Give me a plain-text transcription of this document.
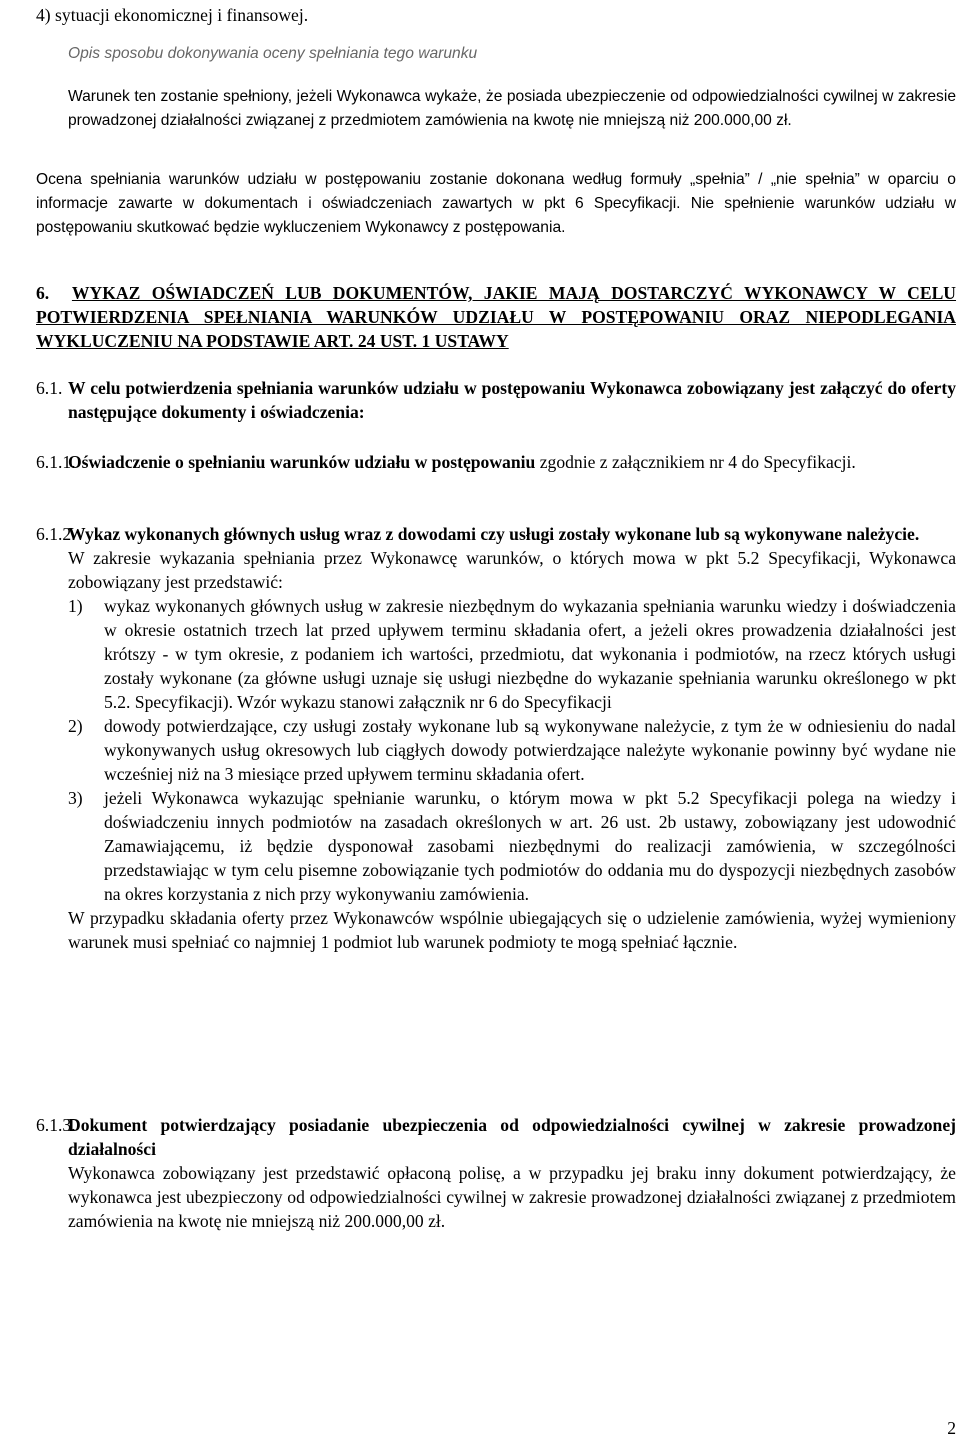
4) sytuacji ekonomicznej i finansowej.

Opis sposobu dokonywania oceny spełniania tego warunku

Warunek ten zostanie spełniony, jeżeli Wykonawca wykaże, że posiada ubezpieczenie od odpowiedzialności cywilnej w zakresie prowadzonej działalności związanej z przedmiotem zamówienia na kwotę nie mniejszą niż 200.000,00 zł.

Ocena spełniania warunków udziału w postępowaniu zostanie dokonana według formuły „spełnia” / „nie spełnia” w oparciu o informacje zawarte w dokumentach i oświadczeniach zawartych w pkt 6 Specyfikacji. Nie spełnienie warunków udziału w postępowaniu skutkować będzie wykluczeniem Wykonawcy z postępowania.

6. WYKAZ OŚWIADCZEŃ LUB DOKUMENTÓW, JAKIE MAJĄ DOSTARCZYĆ WYKONAWCY W CELU POTWIERDZENIA SPEŁNIANIA WARUNKÓW UDZIAŁU W POSTĘPOWANIU ORAZ NIEPODLEGANIA WYKLUCZENIU NA PODSTAWIE ART. 24 UST. 1 USTAWY

6.1. W celu potwierdzenia spełniania warunków udziału w postępowaniu Wykonawca zobowiązany jest załączyć do oferty następujące dokumenty i oświadczenia:

6.1.1.

Oświadczenie o spełnianiu warunków udziału w postępowaniu zgodnie z załącznikiem nr 4 do Specyfikacji.

6.1.2.

Wykaz wykonanych głównych usług wraz z dowodami czy usługi zostały wykonane lub są wykonywane należycie.

W zakresie wykazania spełniania przez Wykonawcę warunków, o których mowa w pkt 5.2 Specyfikacji, Wykonawca zobowiązany jest przedstawić:

1) wykaz wykonanych głównych usług w zakresie niezbędnym do wykazania spełniania warunku wiedzy i doświadczenia w okresie ostatnich trzech lat przed upływem terminu składania ofert, a jeżeli okres prowadzenia działalności jest krótszy - w tym okresie, z podaniem ich wartości, przedmiotu, dat wykonania i podmiotów, na rzecz których usługi zostały wykonane (za główne usługi uznaje się usługi niezbędne do wykazanie spełniania warunku określonego w pkt 5.2. Specyfikacji). Wzór wykazu stanowi załącznik nr 6 do Specyfikacji

2) dowody potwierdzające, czy usługi zostały wykonane lub są wykonywane należycie, z tym że w odniesieniu do nadal wykonywanych usług okresowych lub ciągłych dowody potwierdzające należyte wykonanie powinny być wydane nie wcześniej niż na 3 miesiące przed upływem terminu składania ofert.

3) jeżeli Wykonawca wykazując spełnianie warunku, o którym mowa w pkt 5.2 Specyfikacji polega na wiedzy i doświadczeniu innych podmiotów na zasadach określonych w art. 26 ust. 2b ustawy, zobowiązany jest udowodnić Zamawiającemu, iż będzie dysponował zasobami niezbędnymi do realizacji zamówienia, w szczególności przedstawiając w tym celu pisemne zobowiązanie tych podmiotów do oddania mu do dyspozycji niezbędnych zasobów na okres korzystania z nich przy wykonywaniu zamówienia.

W przypadku składania oferty przez Wykonawców wspólnie ubiegających się o udzielenie zamówienia, wyżej wymieniony warunek musi spełniać co najmniej 1 podmiot lub warunek podmioty te mogą spełniać łącznie.

6.1.3.

Dokument potwierdzający posiadanie ubezpieczenia od odpowiedzialności cywilnej w zakresie prowadzonej działalności

Wykonawca zobowiązany jest przedstawić opłaconą polisę, a w przypadku jej braku inny dokument potwierdzający, że wykonawca jest ubezpieczony od odpowiedzialności cywilnej w zakresie prowadzonej działalności związanej z przedmiotem zamówienia na kwotę nie mniejszą niż 200.000,00 zł.

2
